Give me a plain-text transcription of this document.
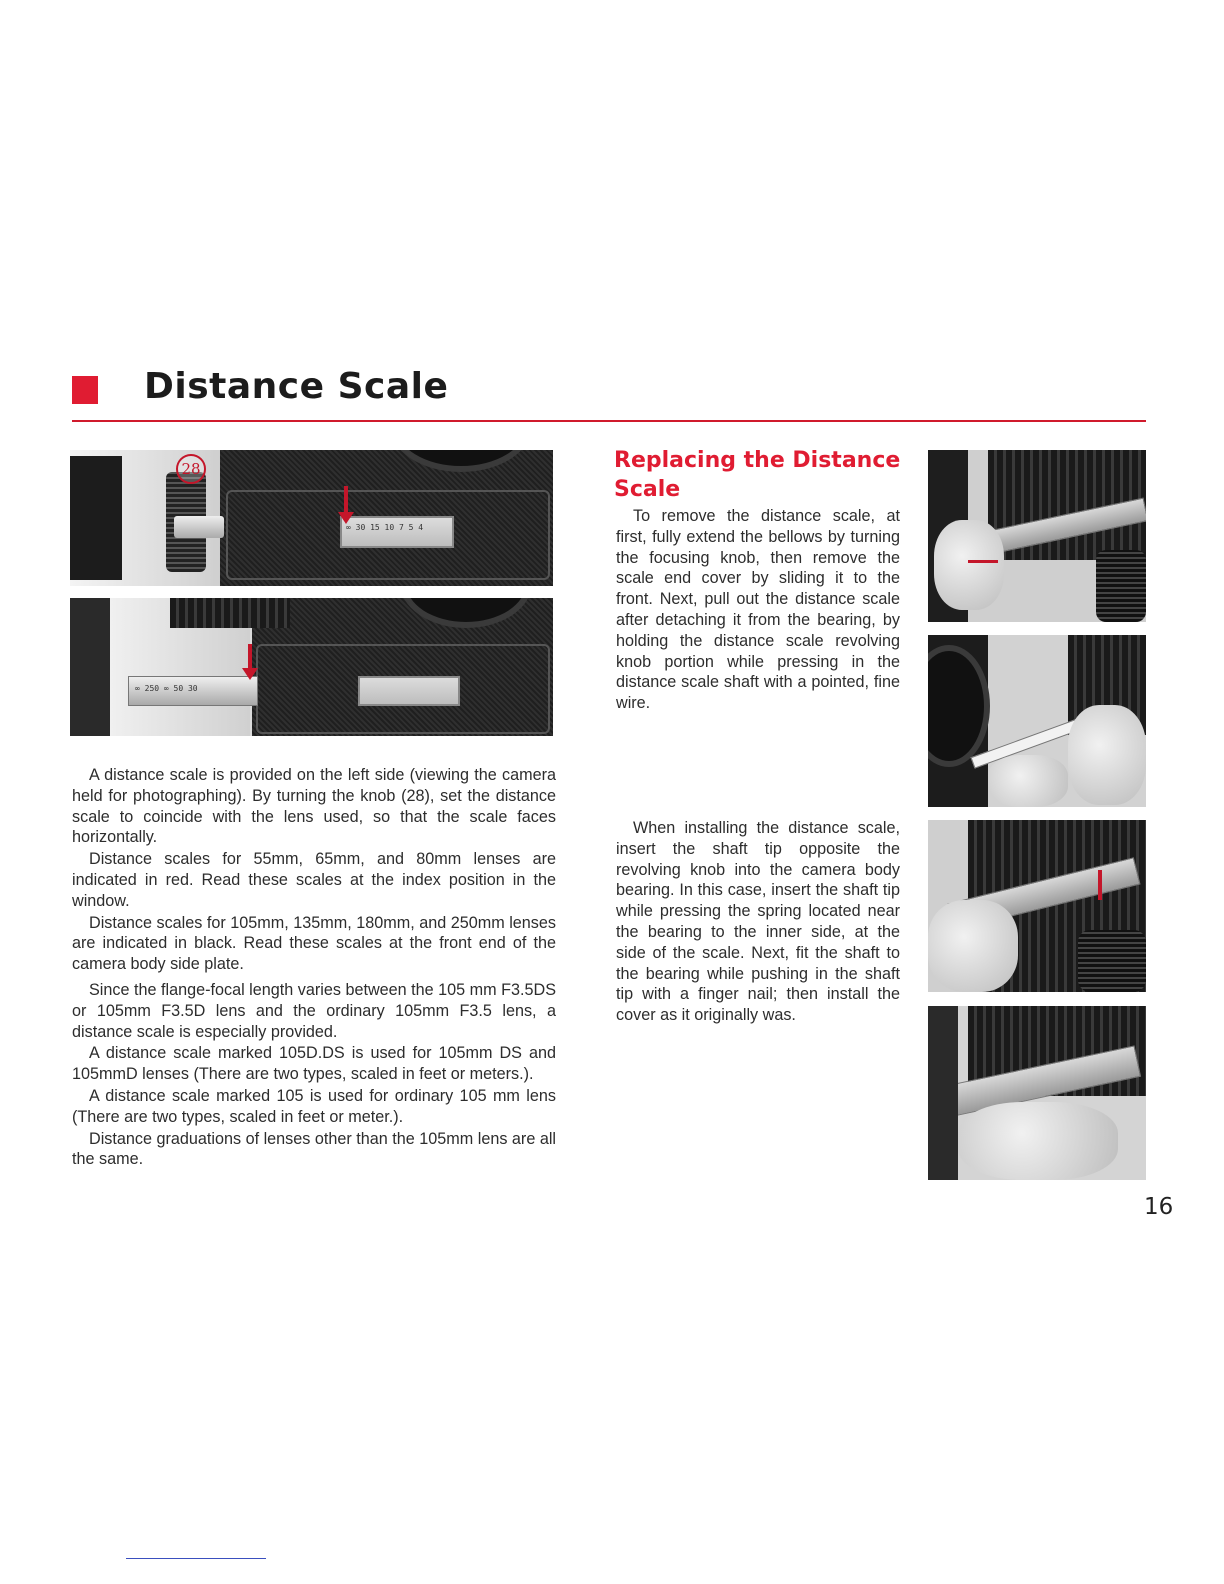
Distance Scale
∞ 30 15 10 7 5 4
28
∞ 250 ∞ 50 30

A distance scale is provided on the left side (viewing the camera held for photographing). By turning the knob (28), set the distance scale to coincide with the lens used, so that the scale faces horizontally.

Distance scales for 55mm, 65mm, and 80mm lenses are indicated in red. Read these scales at the index position in the window.

Distance scales for 105mm, 135mm, 180mm, and 250mm lenses are indicated in black. Read these scales at the front end of the camera body side plate.

Since the flange-focal length varies between the 105 mm F3.5DS or 105mm F3.5D lens and the ordinary 105mm F3.5 lens, a distance scale is especially provided.

A distance scale marked 105D.DS is used for 105mm DS and 105mmD lenses (There are two types, scaled in feet or meters.).

A distance scale marked 105 is used for ordinary 105 mm lens (There are two types, scaled in feet or meter.).

Distance graduations of lenses other than the 105mm lens are all the same.

Replacing the Distance Scale

To remove the distance scale, at first, fully extend the bellows by turning the focusing knob, then remove the scale end cover by sliding it to the front. Next, pull out the distance scale after detaching it from the bearing, by holding the distance scale revolving knob portion while pressing in the distance scale shaft with a pointed, fine wire.

When installing the distance scale, insert the shaft tip opposite the revolving knob into the camera body bearing. In this case, insert the shaft tip while pressing the spring located near the bearing to the inner side, at the side of the scale. Next, fit the shaft to the bearing while pushing in the shaft tip with a finger nail; then install the cover as it originally was.

16
